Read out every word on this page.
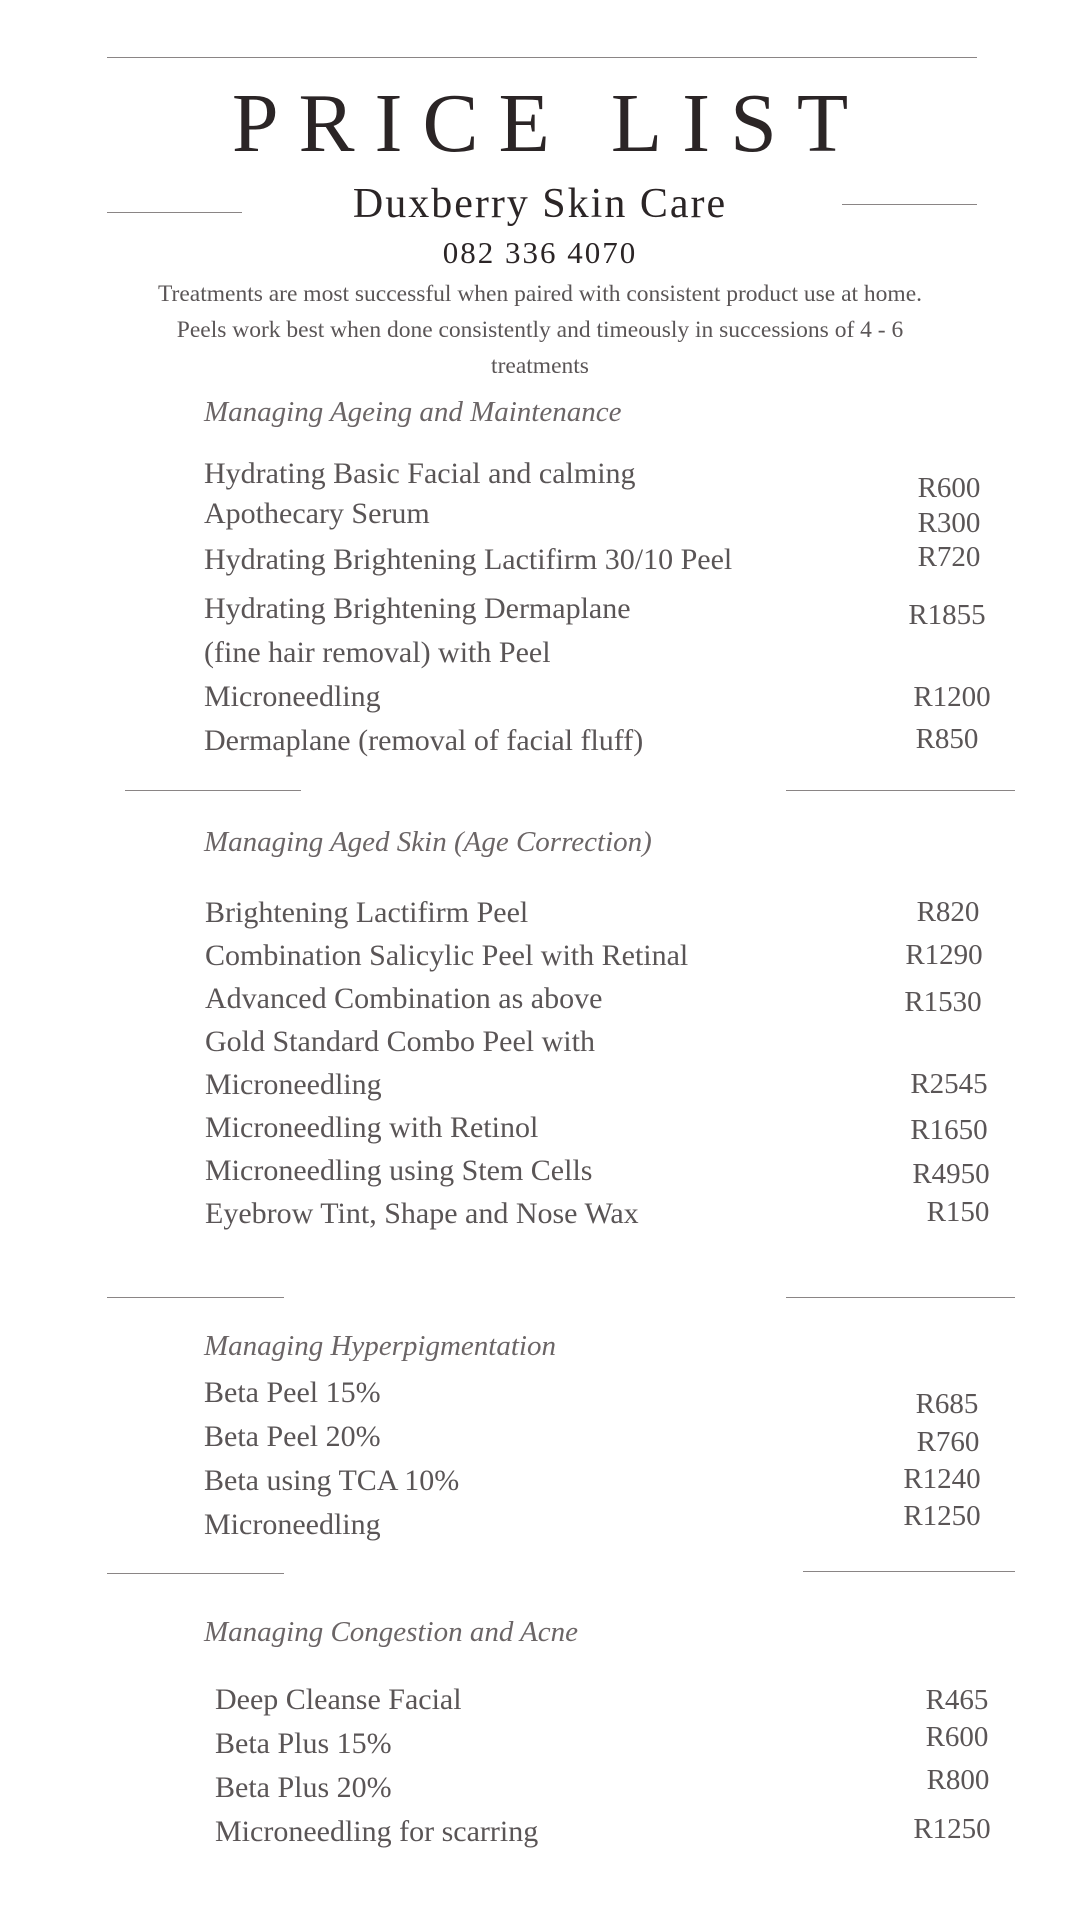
PRICE LIST
Duxberry Skin Care
082 336 4070
Treatments are most successful when paired with consistent product use at home.
Peels work best when done consistently and timeously in successions of 4 - 6
treatments
Managing Ageing and Maintenance
Hydrating Basic Facial and calming	R600
Apothecary Serum	R300
Hydrating Brightening Lactifirm 30/10 Peel	R720
Hydrating Brightening Dermaplane	R1855
(fine hair removal) with Peel
Microneedling	R1200
Dermaplane (removal of facial fluff)	R850
Managing Aged Skin (Age Correction)
Brightening Lactifirm Peel	R820
Combination Salicylic Peel with Retinal	R1290
Advanced Combination as above	R1530
Gold Standard Combo Peel with
Microneedling	R2545
Microneedling with Retinol	R1650
Microneedling using Stem Cells	R4950
Eyebrow Tint, Shape and Nose Wax	R150
Managing Hyperpigmentation
Beta Peel 15%	R685
Beta Peel 20%	R760
Beta using TCA 10%	R1240
Microneedling	R1250
Managing Congestion and Acne
Deep Cleanse Facial	R465
Beta Plus 15%	R600
Beta Plus 20%	R800
Microneedling for scarring	R1250
